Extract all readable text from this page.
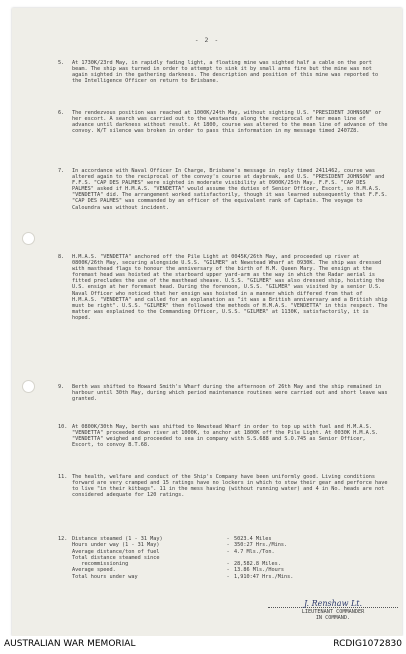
- 2 -
5. At 1730K/23rd May, in rapidly fading light, a floating mine was sighted half a cable on the port beam. The ship was turned in order to attempt to sink it by small arms fire but the mine was not again sighted in the gathering darkness. The description and position of this mine was reported to the Intelligence Officer on return to Brisbane.

6. The rendezvous position was reached at 1000K/24th May, without sighting U.S. "PRESIDENT JOHNSON" or her escort. A search was carried out to the westwards along the reciprocal of her mean line of advance until darkness without result. At 1800, course was altered to the mean line of advance of the convoy. W/T silence was broken in order to pass this information in my message timed 2407Z8.

7. In accordance with Naval Officer In Charge, Brisbane's message in reply timed 2411462, course was altered again to the reciprocal of the convoy's course at daybreak, and U.S. "PRESIDENT JOHNSON" and F.F.S. "CAP DES PALMES" were sighted in moderate visibility at 0900K/25th May. F.F.S. "CAP DES PALMES" asked if H.M.A.S. "VENDETTA" would assume the duties of Senior Officer, Escort, so H.M.A.S. "VENDETTA" did. The arrangement worked satisfactorily, though it was learned subsequently that F.F.S. "CAP DES PALMES" was commanded by an officer of the equivalent rank of Captain. The voyage to Caloundra was without incident.

8. H.M.A.S. "VENDETTA" anchored off the Pile Light at 0045K/26th May, and proceeded up river at 0800K/26th May, securing alongside U.S.S. "GILMER" at Newstead Wharf at 0930K. The ship was dressed with masthead flags to honour the anniversary of the birth of H.M. Queen Mary. The ensign at the foremast head was hoisted at the starboard upper yard-arm as the way in which the Radar aerial is fitted precludes the use of the masthead sheave. U.S.S. "GILMER" was also dressed ship, hoisting the U.S. ensign at her foremast head. During the forenoon, U.S.S. "GILMER" was visited by a senior U.S. Naval Officer who noticed that her ensign was hoisted in a manner which differed from that of H.M.A.S. "VENDETTA" and called for an explanation as "it was a British anniversary and a British ship must be right". U.S.S. "GILMER" then followed the methods of H.M.A.S. "VENDETTA" in this respect. The matter was explained to the Commanding Officer, U.S.S. "GILMER" at 1130K, satisfactorily, it is hoped.

9. Berth was shifted to Howard Smith's Wharf during the afternoon of 26th May and the ship remained in harbour until 30th May, during which period maintenance routines were carried out and short leave was granted.

10. At 0800K/30th May, berth was shifted to Newstead Wharf in order to top up with fuel and H.M.A.S. "VENDETTA" proceeded down river at 1000K, to anchor at 1800K off the Pile Light. At 0030K H.M.A.S. "VENDETTA" weighed and proceeded to sea in company with S.S.688 and S.O.745 as Senior Officer, Escort, to convoy B.T.68.

11. The health, welfare and conduct of the Ship's Company have been uniformly good. Living conditions forward are very cramped and 15 ratings have no lockers in which to stow their gear and perforce have to live "in their kitbags". 11 in the mess having (without running water) and 4 in No. heads are not considered adequate for 120 ratings.

12. Distance steamed (1 - 31 May)	-	5023.4 Miles
Hours under way (1 - 31 May)	-	350:27 Hrs./Mins.
Average distance/ton of fuel	-	4.7 Mls./Ton.
Total distance steamed since		
recommissioning	-	28,582.8 Miles.
Average speed.	-	13.86 Mls./Hours
Total hours under way	-	1,910:47 Hrs./Mins.
J. Renshaw Lt.
LIEUTENANT COMMANDER
IN COMMAND.
AUSTRALIAN WAR MEMORIAL	RCDIG1072830
